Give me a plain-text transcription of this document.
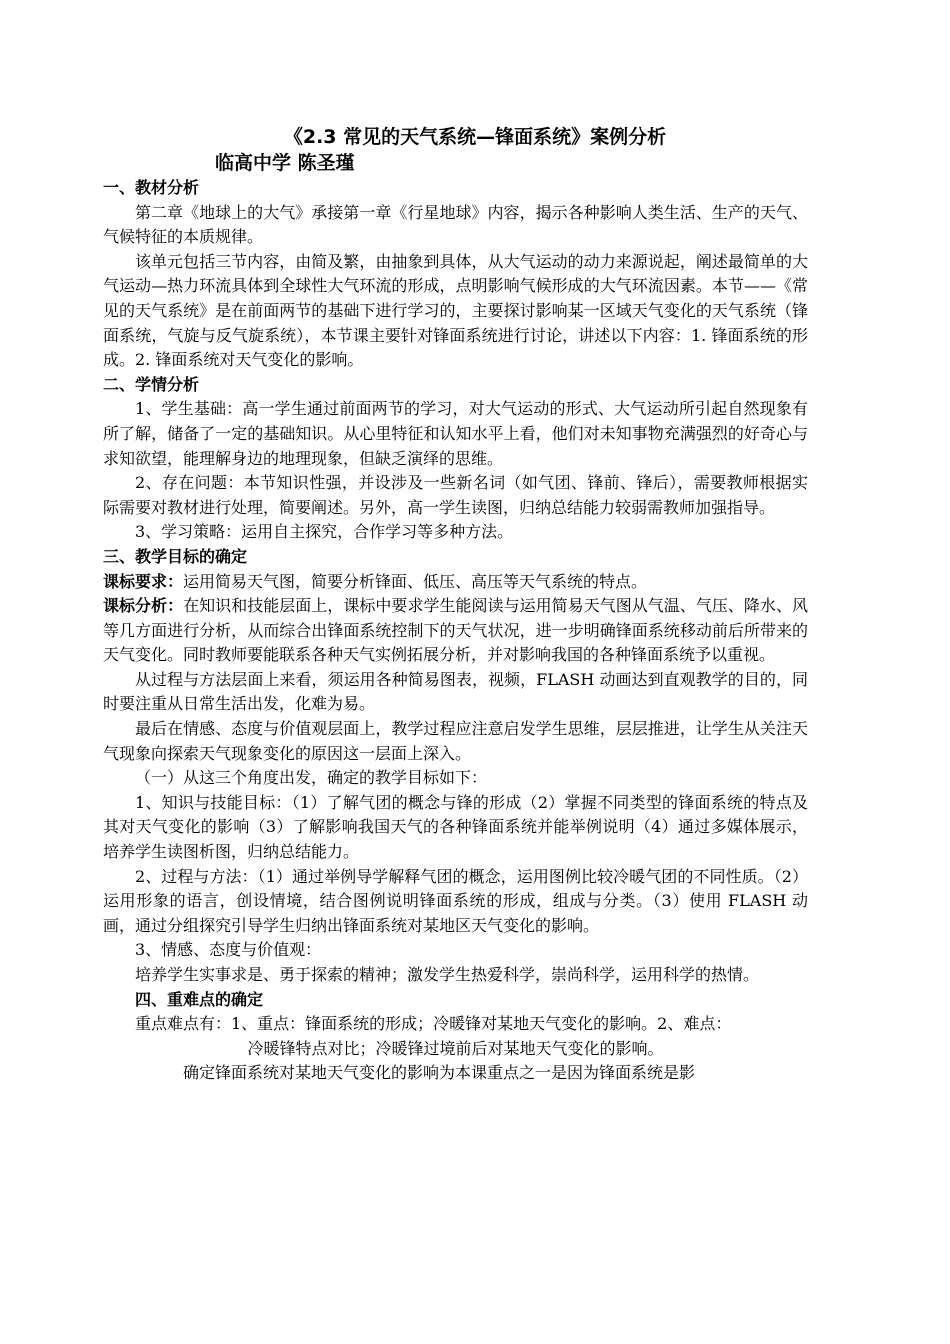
《2.3 常见的天气系统—锋面系统》案例分析
临高中学 陈圣瑾

一、教材分析

第二章《地球上的大气》承接第一章《行星地球》内容，揭示各种影响人类生活、生产的天气、气候特征的本质规律。

该单元包括三节内容，由简及繁，由抽象到具体，从大气运动的动力来源说起，阐述最简单的大气运动—热力环流具体到全球性大气环流的形成，点明影响气候形成的大气环流因素。本节——《常见的天气系统》是在前面两节的基础下进行学习的，主要探讨影响某一区域天气变化的天气系统（锋面系统，气旋与反气旋系统），本节课主要针对锋面系统进行讨论，讲述以下内容：1. 锋面系统的形成。2. 锋面系统对天气变化的影响。

二、学情分析

1、学生基础：高一学生通过前面两节的学习，对大气运动的形式、大气运动所引起自然现象有所了解，储备了一定的基础知识。从心里特征和认知水平上看，他们对未知事物充满强烈的好奇心与求知欲望，能理解身边的地理现象，但缺乏演绎的思维。

2、存在问题：本节知识性强，并设涉及一些新名词（如气团、锋前、锋后），需要教师根据实际需要对教材进行处理，简要阐述。另外，高一学生读图，归纳总结能力较弱需教师加强指导。

3、学习策略：运用自主探究，合作学习等多种方法。

三、教学目标的确定

课标要求：运用简易天气图，简要分析锋面、低压、高压等天气系统的特点。

课标分析：在知识和技能层面上，课标中要求学生能阅读与运用简易天气图从气温、气压、降水、风等几方面进行分析，从而综合出锋面系统控制下的天气状况，进一步明确锋面系统移动前后所带来的天气变化。同时教师要能联系各种天气实例拓展分析，并对影响我国的各种锋面系统予以重视。

从过程与方法层面上来看，须运用各种简易图表，视频，FLASH 动画达到直观教学的目的，同时要注重从日常生活出发，化难为易。

最后在情感、态度与价值观层面上，教学过程应注意启发学生思维，层层推进，让学生从关注天气现象向探索天气现象变化的原因这一层面上深入。

（一）从这三个角度出发，确定的教学目标如下：

1、知识与技能目标：（1）了解气团的概念与锋的形成（2）掌握不同类型的锋面系统的特点及其对天气变化的影响（3）了解影响我国天气的各种锋面系统并能举例说明（4）通过多媒体展示，培养学生读图析图，归纳总结能力。

2、过程与方法：（1）通过举例导学解释气团的概念，运用图例比较冷暖气团的不同性质。（2）运用形象的语言，创设情境，结合图例说明锋面系统的形成，组成与分类。（3）使用 FLASH 动画，通过分组探究引导学生归纳出锋面系统对某地区天气变化的影响。

3、情感、态度与价值观：

培养学生实事求是、勇于探索的精神；激发学生热爱科学，崇尚科学，运用科学的热情。

四、重难点的确定

重点难点有：1、重点：锋面系统的形成；冷暖锋对某地天气变化的影响。2、难点：

冷暖锋特点对比；冷暖锋过境前后对某地天气变化的影响。

确定锋面系统对某地天气变化的影响为本课重点之一是因为锋面系统是影
